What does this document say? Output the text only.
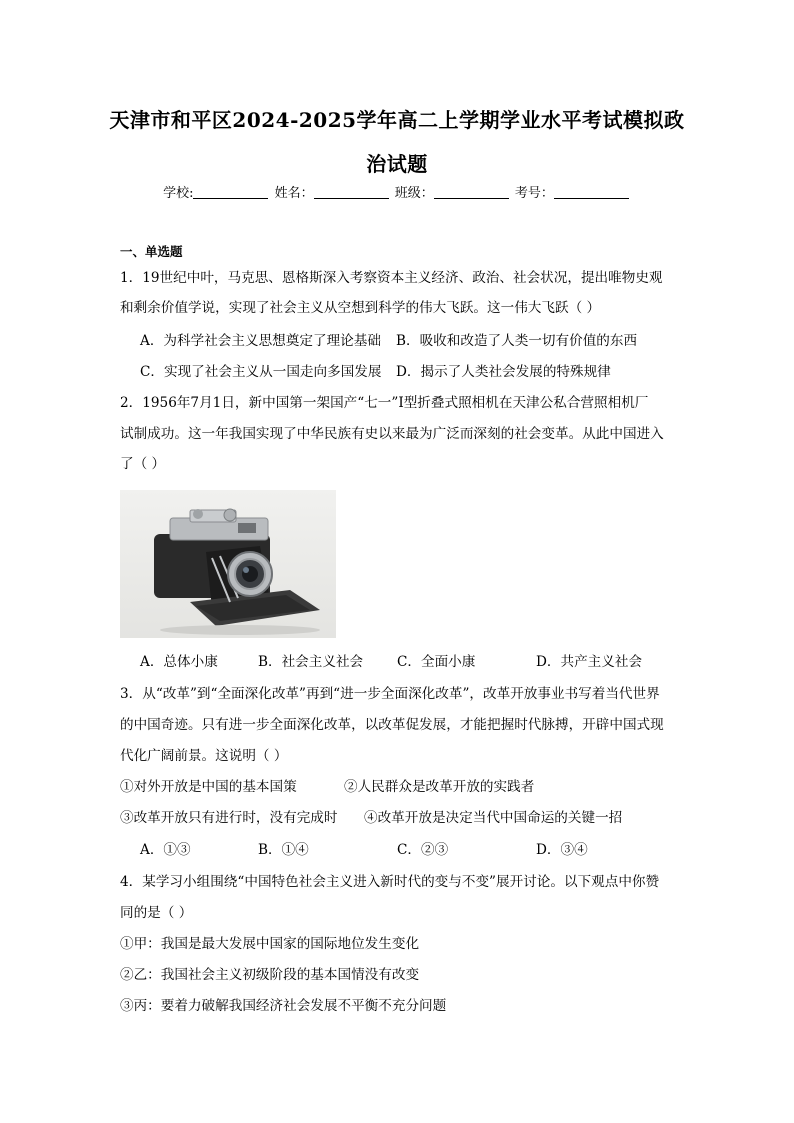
天津市和平区2024-2025学年高二上学期学业水平考试模拟政
治试题
学校:	姓名：	班级：	考号：
一、单选题
1．19世纪中叶，马克思、恩格斯深入考察资本主义经济、政治、社会状况，提出唯物史观
和剩余价值学说，实现了社会主义从空想到科学的伟大飞跃。这一伟大飞跃（ ）
A．为科学社会主义思想奠定了理论基础 B．吸收和改造了人类一切有价值的东西
C．实现了社会主义从一国走向多国发展 D．揭示了人类社会发展的特殊规律
2．1956年7月1日，新中国第一架国产“七一”I型折叠式照相机在天津公私合营照相机厂
试制成功。这一年我国实现了中华民族有史以来最为广泛而深刻的社会变革。从此中国进入
了（ ）
A．总体小康	B．社会主义社会 C．全面小康	D．共产主义社会
3．从“改革”到“全面深化改革”再到“进一步全面深化改革”，改革开放事业书写着当代世界
的中国奇迹。只有进一步全面深化改革，以改革促发展，才能把握时代脉搏，开辟中国式现
代化广阔前景。这说明（ ）
①对外开放是中国的基本国策	②人民群众是改革开放的实践者
③改革开放只有进行时，没有完成时 ④改革开放是决定当代中国命运的关键一招
A．①③	B．①④	C．②③	D．③④
4．某学习小组围绕“中国特色社会主义进入新时代的变与不变”展开讨论。以下观点中你赞
同的是（ ）
①甲：我国是最大发展中国家的国际地位发生变化
②乙：我国社会主义初级阶段的基本国情没有改变
③丙：要着力破解我国经济社会发展不平衡不充分问题
